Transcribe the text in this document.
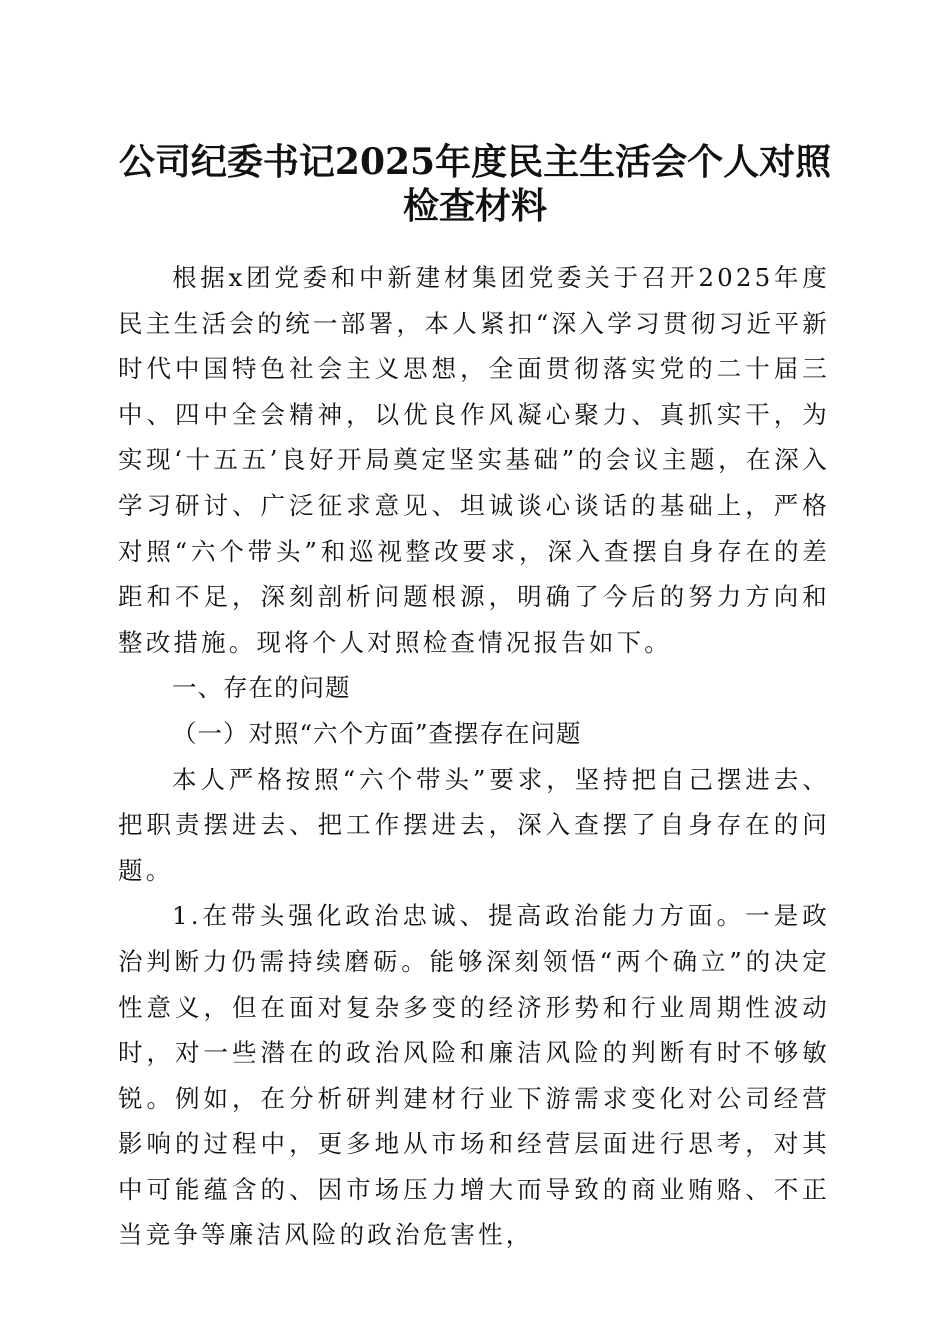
公司纪委书记2025年度民主生活会个人对照
检查材料

根据x团党委和中新建材集团党委关于召开2025年度民主生活会的统一部署，本人紧扣“深入学习贯彻习近平新时代中国特色社会主义思想，全面贯彻落实党的二十届三中、四中全会精神，以优良作风凝心聚力、真抓实干，为实现‘十五五’良好开局奠定坚实基础”的会议主题，在深入学习研讨、广泛征求意见、坦诚谈心谈话的基础上，严格对照“六个带头”和巡视整改要求，深入查摆自身存在的差距和不足，深刻剖析问题根源，明确了今后的努力方向和整改措施。现将个人对照检查情况报告如下。

一、存在的问题

（一）对照“六个方面”查摆存在问题

本人严格按照“六个带头”要求，坚持把自己摆进去、把职责摆进去、把工作摆进去，深入查摆了自身存在的问题。

1.在带头强化政治忠诚、提高政治能力方面。一是政治判断力仍需持续磨砺。能够深刻领悟“两个确立”的决定性意义，但在面对复杂多变的经济形势和行业周期性波动时，对一些潜在的政治风险和廉洁风险的判断有时不够敏锐。例如，在分析研判建材行业下游需求变化对公司经营影响的过程中，更多地从市场和经营层面进行思考，对其中可能蕴含的、因市场压力增大而导致的商业贿赂、不正当竞争等廉洁风险的政治危害性，
